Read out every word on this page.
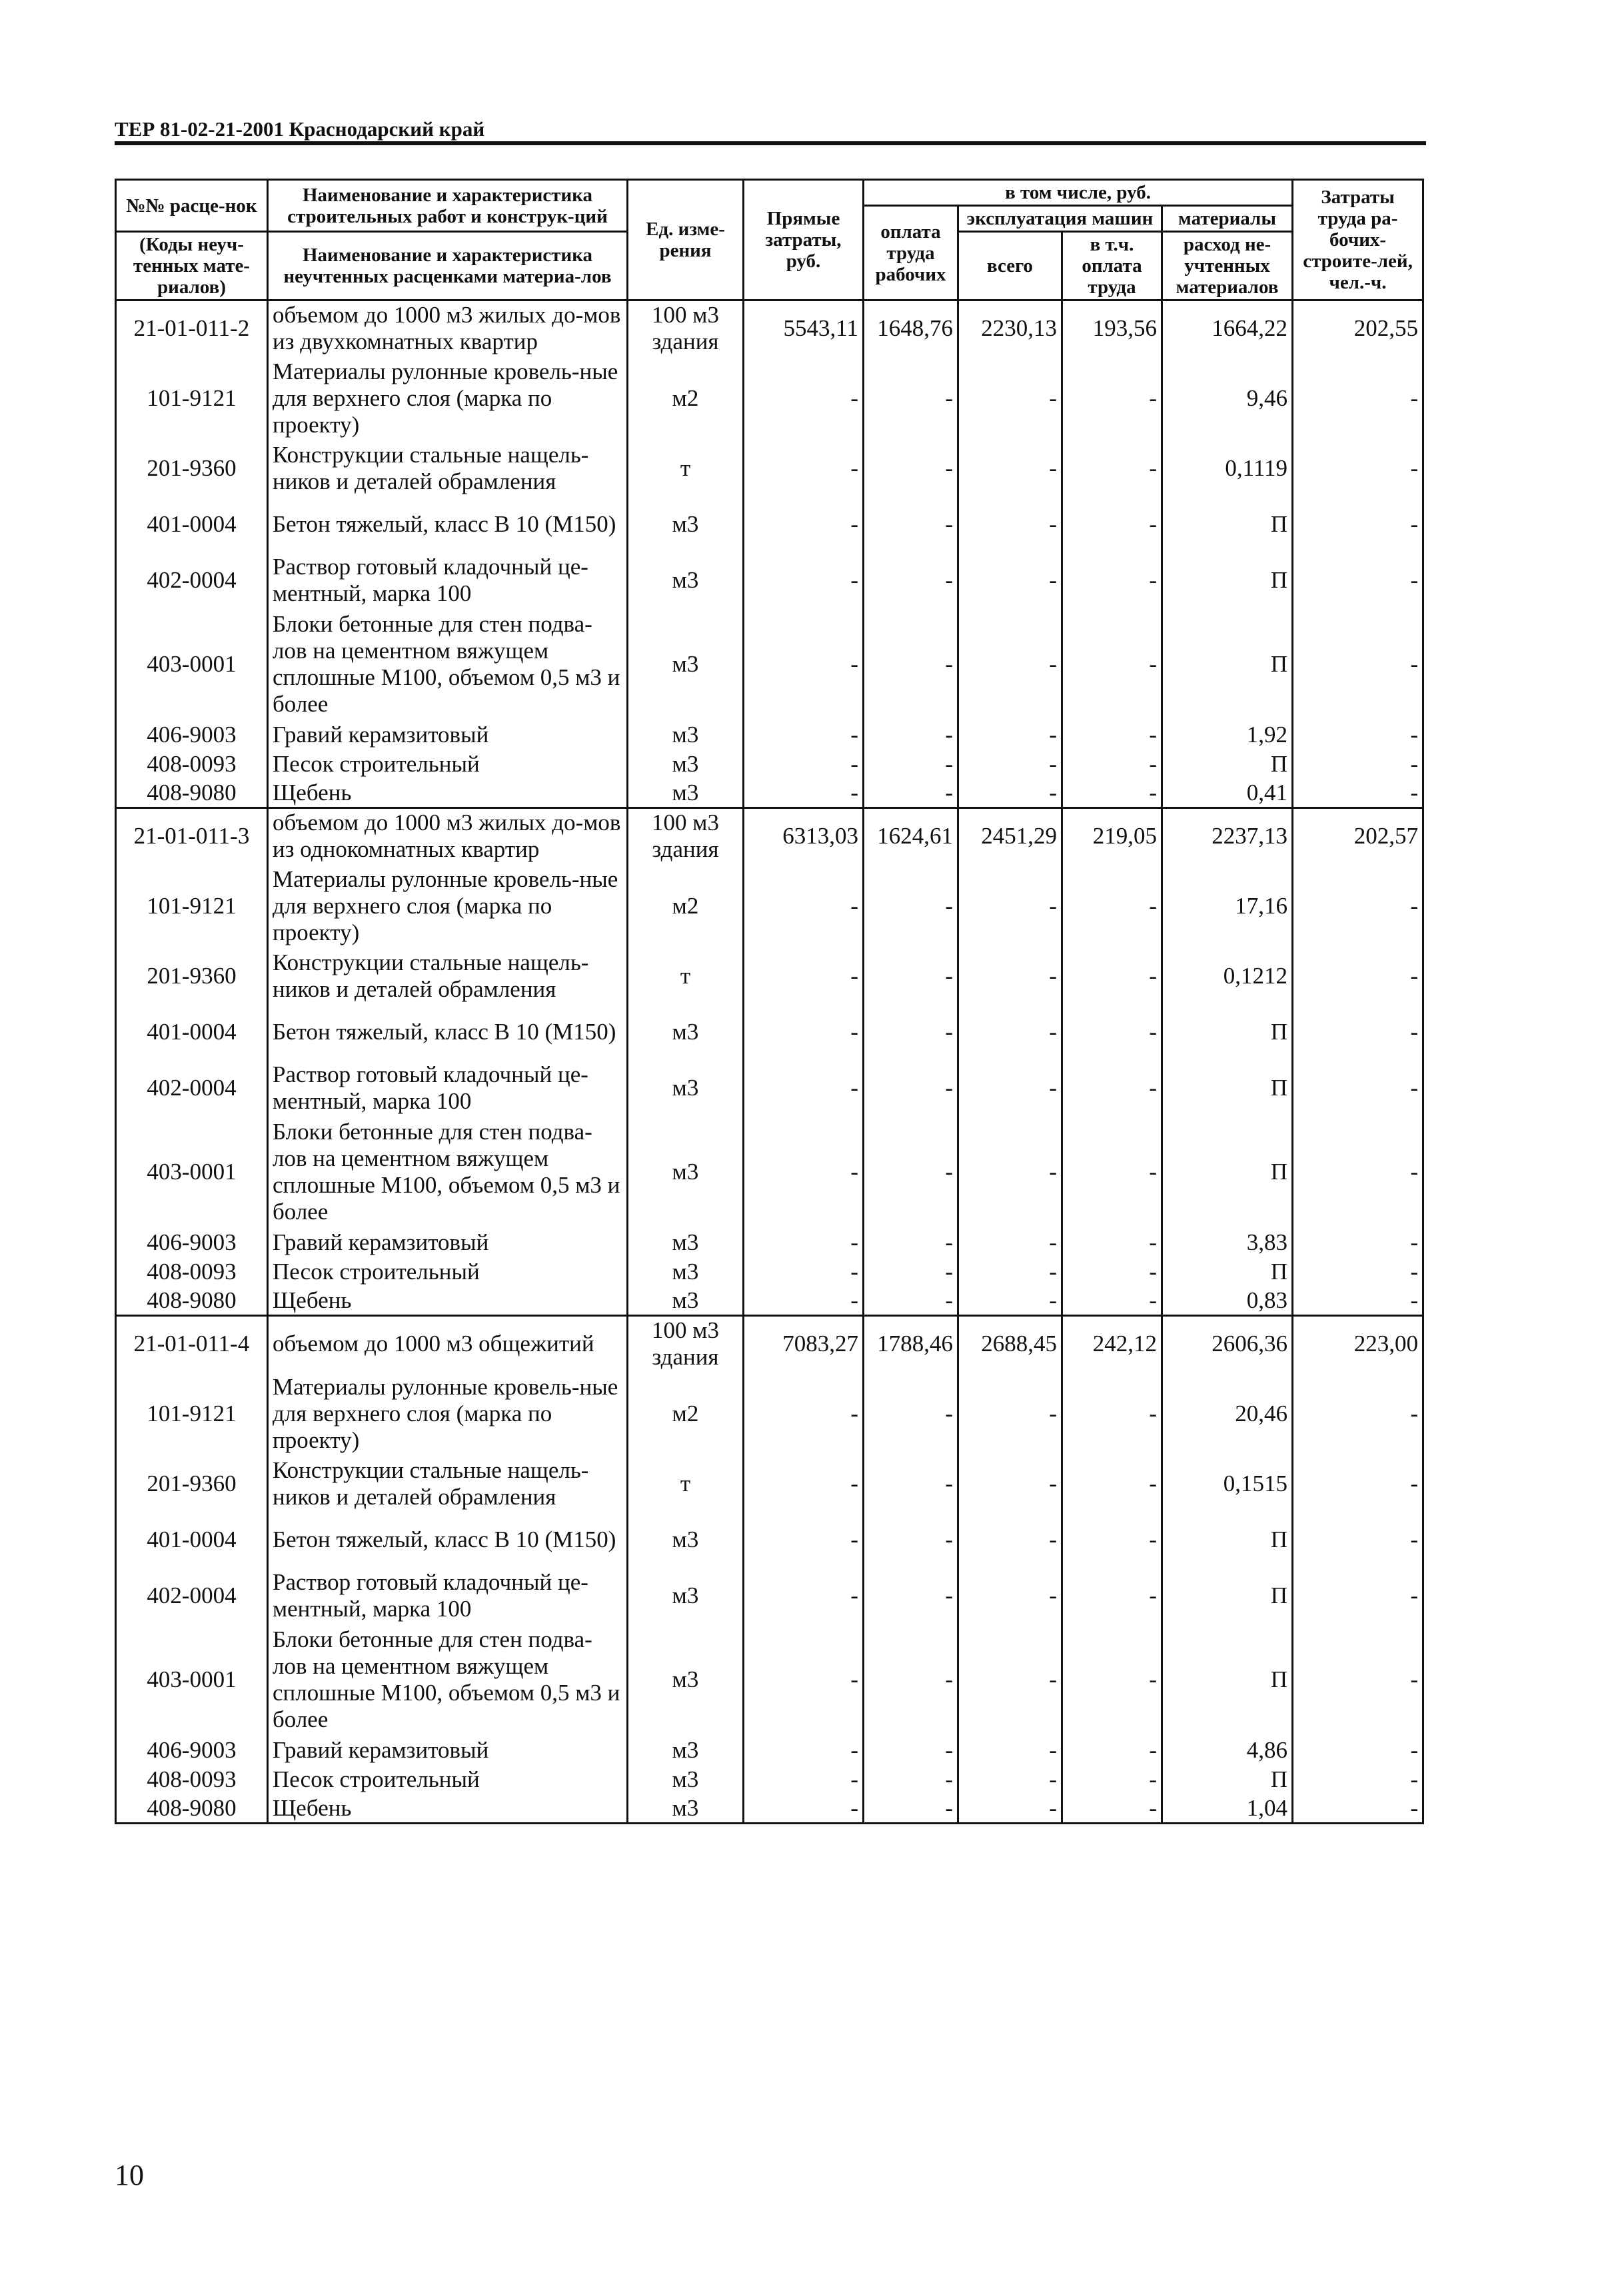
ТЕР 81-02-21-2001 Краснодарский край
№№ расце-нок	Наименование и характеристика строительных работ и конструк-ций	Ед. изме-рения	Прямые затраты, руб.	в том числе, руб.				Затраты труда ра-бочих-строите-лей, чел.-ч.
				оплата труда рабочих	эксплуатация машин		материалы	
(Коды неуч-тенных мате-риалов)	Наименование и характеристика неучтенных расценками материа-лов				всего	в т.ч. оплата труда	расход не-учтенных материалов	

21-01-011-2	объемом до 1000 м3 жилых до-мов из двухкомнатных квартир	100 м3 здания	5543,11	1648,76	2230,13	193,56	1664,22	202,55
101-9121	Материалы рулонные кровель-ные для верхнего слоя (марка по проекту)	м2	-	-	-	-	9,46	-
201-9360	Конструкции стальные нащель-ников и деталей обрамления	т	-	-	-	-	0,1119	-
401-0004	Бетон тяжелый, класс В 10 (М150)	м3	-	-	-	-	П	-
402-0004	Раствор готовый кладочный це-ментный, марка 100	м3	-	-	-	-	П	-
403-0001	Блоки бетонные для стен подва-лов на цементном вяжущем сплошные М100, объемом 0,5 м3 и более	м3	-	-	-	-	П	-
406-9003	Гравий керамзитовый	м3	-	-	-	-	1,92	-
408-0093	Песок строительный	м3	-	-	-	-	П	-
408-9080	Щебень	м3	-	-	-	-	0,41	-
21-01-011-3	объемом до 1000 м3 жилых до-мов из однокомнатных квартир	100 м3 здания	6313,03	1624,61	2451,29	219,05	2237,13	202,57
101-9121	Материалы рулонные кровель-ные для верхнего слоя (марка по проекту)	м2	-	-	-	-	17,16	-
201-9360	Конструкции стальные нащель-ников и деталей обрамления	т	-	-	-	-	0,1212	-
401-0004	Бетон тяжелый, класс В 10 (М150)	м3	-	-	-	-	П	-
402-0004	Раствор готовый кладочный це-ментный, марка 100	м3	-	-	-	-	П	-
403-0001	Блоки бетонные для стен подва-лов на цементном вяжущем сплошные М100, объемом 0,5 м3 и более	м3	-	-	-	-	П	-
406-9003	Гравий керамзитовый	м3	-	-	-	-	3,83	-
408-0093	Песок строительный	м3	-	-	-	-	П	-
408-9080	Щебень	м3	-	-	-	-	0,83	-
21-01-011-4	объемом до 1000 м3 общежитий	100 м3 здания	7083,27	1788,46	2688,45	242,12	2606,36	223,00
101-9121	Материалы рулонные кровель-ные для верхнего слоя (марка по проекту)	м2	-	-	-	-	20,46	-
201-9360	Конструкции стальные нащель-ников и деталей обрамления	т	-	-	-	-	0,1515	-
401-0004	Бетон тяжелый, класс В 10 (М150)	м3	-	-	-	-	П	-
402-0004	Раствор готовый кладочный це-ментный, марка 100	м3	-	-	-	-	П	-
403-0001	Блоки бетонные для стен подва-лов на цементном вяжущем сплошные М100, объемом 0,5 м3 и более	м3	-	-	-	-	П	-
406-9003	Гравий керамзитовый	м3	-	-	-	-	4,86	-
408-0093	Песок строительный	м3	-	-	-	-	П	-
408-9080	Щебень	м3	-	-	-	-	1,04	-
10
